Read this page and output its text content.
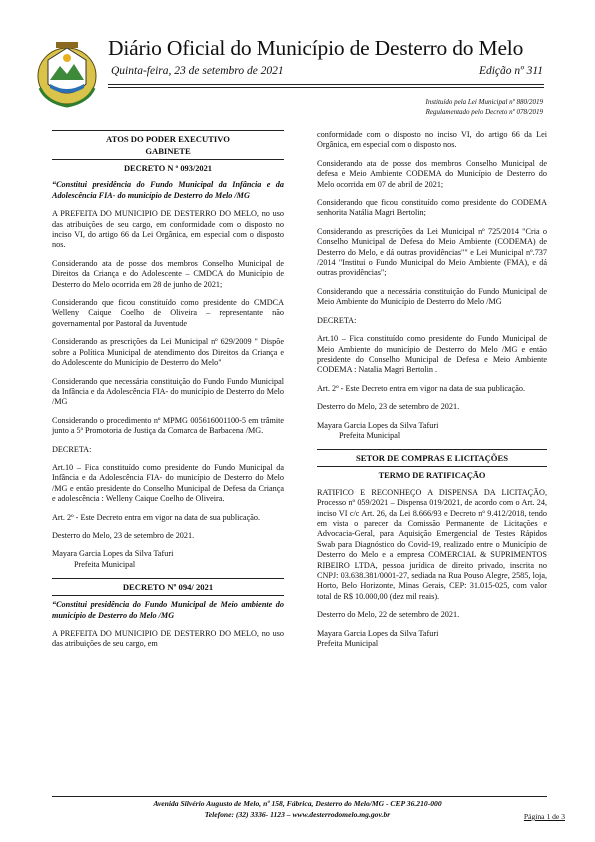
Diário Oficial do Município de Desterro do Melo
Quinta-feira, 23 de setembro de 2021	Edição nº 311
Instituído pela Lei Municipal nº 880/2019
Regulamentado pelo Decreto nº 078/2019
ATOS DO PODER EXECUTIVO
GABINETE
DECRETO N º 093/2021

“Constitui presidência do Fundo Municipal da Infância e da Adolescência FIA- do município de Desterro do Melo /MG

A PREFEITA DO MUNICIPIO DE DESTERRO DO MELO, no uso das atribuições de seu cargo, em conformidade com o disposto no inciso VI, do artigo 66 da Lei Orgânica, em especial com o disposto nos.

Considerando ata de posse dos membros Conselho Municipal de Direitos da Criança e do Adolescente – CMDCA do Município de Desterro do Melo ocorrida em 28 de junho de 2021;

Considerando que ficou constituído como presidente do CMDCA Welleny Caique Coelho de Oliveira – representante não governamental por Pastoral da Juventude

Considerando as prescrições da Lei Municipal nº 629/2009 " Dispõe sobre a Política Municipal de atendimento dos Direitos da Criança e do Adolescente do Município de Desterro do Melo"

Considerando que necessária constituição do Fundo Fundo Municipal da Infância e da Adolescência FIA- do município de Desterro do Melo /MG

Considerando o procedimento nº MPMG 005616001100-5 em trâmite junto a 5ª Promotoria de Justiça da Comarca de Barbacena /MG.

DECRETA:

Art.10 – Fica constituído como presidente do Fundo Municipal da Infância e da Adolescência FIA- do município de Desterro do Melo /MG e então presidente do Conselho Municipal de Defesa da Criança e adolescência : Welleny Caique Coelho de Oliveira.

Art. 2º - Este Decreto entra em vigor na data de sua publicação.

Desterro do Melo, 23 de setembro de 2021.

Mayara Garcia Lopes da Silva Tafuri

Prefeita Municipal

DECRETO Nº 094/ 2021

“Constitui presidência do Fundo Municipal de Meio ambiente do município de Desterro do Melo /MG

A PREFEITA DO MUNICIPIO DE DESTERRO DO MELO, no uso das atribuições de seu cargo, em

conformidade com o disposto no inciso VI, do artigo 66 da Lei Orgânica, em especial com o disposto nos.

Considerando ata de posse dos membros Conselho Municipal de defesa e Meio Ambiente CODEMA do Município de Desterro do Melo ocorrida em 07 de abril de 2021;

Considerando que ficou constituído como presidente do CODEMA senhorita Natália Magri Bertolin;

Considerando as prescrições da Lei Municipal nº 725/2014 "Cria o Conselho Municipal de Defesa do Meio Ambiente (CODEMA) de Desterro do Melo, e dá outras providências"" e Lei Municipal nº.737 /2014 "Institui o Fundo Municipal do Meio Ambiente (FMA), e dá outras providências";

Considerando que a necessária constituição do Fundo Municipal de Meio Ambiente do Município de Desterro do Melo /MG

DECRETA:

Art.10 – Fica constituído como presidente do Fundo Municipal de Meio Ambiente do município de Desterro do Melo /MG e então presidente do Conselho Municipal de Defesa e Meio Ambiente CODEMA : Natalia Magri Bertolin .

Art. 2º - Este Decreto entra em vigor na data de sua publicação.

Desterro do Melo, 23 de setembro de 2021.

Mayara Garcia Lopes da Silva Tafuri

Prefeita Municipal

SETOR DE COMPRAS E LICITAÇÕES
TERMO DE RATIFICAÇÃO

RATIFICO E RECONHEÇO A DISPENSA DA LICITAÇÃO, Processo nº 059/2021 – Dispensa 019/2021, de acordo com o Art. 24, inciso VI c/c Art. 26, da Lei 8.666/93 e Decreto nº 9.412/2018, tendo em vista o parecer da Comissão Permanente de Licitações e Advocacia-Geral, para Aquisição Emergencial de Testes Rápidos Swab para Diagnóstico do Covid-19, realizado entre o Município de Desterro do Melo e a empresa COMERCIAL & SUPRIMENTOS RIBEIRO LTDA, pessoa jurídica de direito privado, inscrita no CNPJ: 03.638.381/0001-27, sediada na Rua Pouso Alegre, 2585, loja, Horto, Belo Horizonte, Minas Gerais, CEP: 31.015-025, com valor total de R$ 10.000,00 (dez mil reais).

Desterro do Melo, 22 de setembro de 2021.

Mayara Garcia Lopes da Silva Tafuri

Prefeita Municipal

Avenida Silvério Augusto de Melo, nº 158, Fábrica, Desterro do Melo/MG - CEP 36.210-000
Telefone: (32) 3336- 1123 – www.desterrodomelo.mg.gov.br	Página 1 de 3
